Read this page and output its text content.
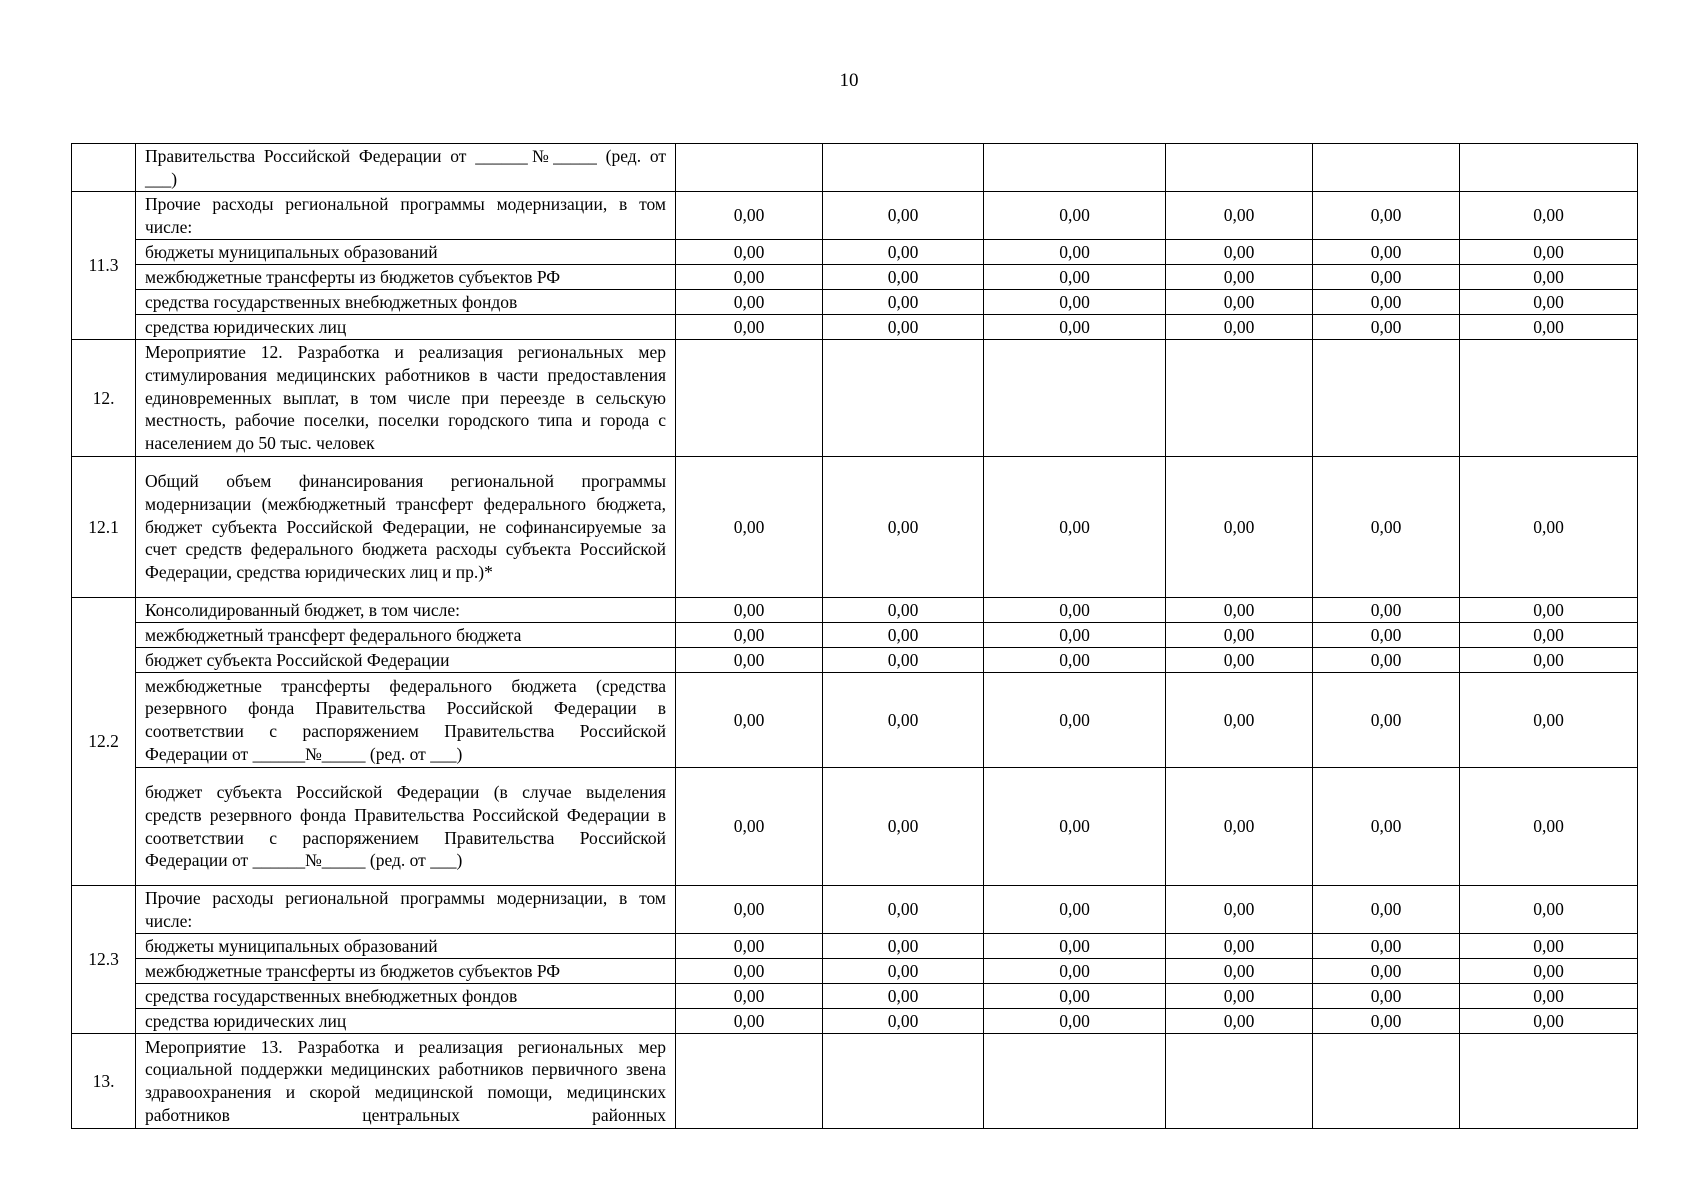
10
	Правительства Российской Федерации от ______№_____ (ред. от ___)						
11.3	Прочие расходы региональной программы модернизации, в том числе:	0,00	0,00	0,00	0,00	0,00	0,00
	бюджеты муниципальных образований	0,00	0,00	0,00	0,00	0,00	0,00
	межбюджетные трансферты из бюджетов субъектов РФ	0,00	0,00	0,00	0,00	0,00	0,00
	средства государственных внебюджетных фондов	0,00	0,00	0,00	0,00	0,00	0,00
	средства юридических лиц	0,00	0,00	0,00	0,00	0,00	0,00
12.	Мероприятие 12. Разработка и реализация региональных мер стимулирования медицинских работников в части предоставления единовременных выплат, в том числе при переезде в сельскую местность, рабочие поселки, поселки городского типа и города с населением до 50 тыс. человек						
12.1	Общий объем финансирования региональной программы модернизации (межбюджетный трансферт федерального бюджета, бюджет субъекта Российской Федерации, не софинансируемые за счет средств федерального бюджета расходы субъекта Российской Федерации, средства юридических лиц и пр.)*	0,00	0,00	0,00	0,00	0,00	0,00
12.2	Консолидированный бюджет, в том числе:	0,00	0,00	0,00	0,00	0,00	0,00
	межбюджетный трансферт федерального бюджета	0,00	0,00	0,00	0,00	0,00	0,00
	бюджет субъекта Российской Федерации	0,00	0,00	0,00	0,00	0,00	0,00
	межбюджетные трансферты федерального бюджета (средства резервного фонда Правительства Российской Федерации в соответствии с распоряжением Правительства Российской Федерации от ______№_____ (ред. от ___)	0,00	0,00	0,00	0,00	0,00	0,00
	бюджет субъекта Российской Федерации (в случае выделения средств резервного фонда Правительства Российской Федерации в соответствии с распоряжением Правительства Российской Федерации от ______№_____ (ред. от ___)	0,00	0,00	0,00	0,00	0,00	0,00
12.3	Прочие расходы региональной программы модернизации, в том числе:	0,00	0,00	0,00	0,00	0,00	0,00
	бюджеты муниципальных образований	0,00	0,00	0,00	0,00	0,00	0,00
	межбюджетные трансферты из бюджетов субъектов РФ	0,00	0,00	0,00	0,00	0,00	0,00
	средства государственных внебюджетных фондов	0,00	0,00	0,00	0,00	0,00	0,00
	средства юридических лиц	0,00	0,00	0,00	0,00	0,00	0,00
13.	Мероприятие 13. Разработка и реализация региональных мер социальной поддержки медицинских работников первичного звена здравоохранения и скорой медицинской помощи, медицинских работников центральных районных						
